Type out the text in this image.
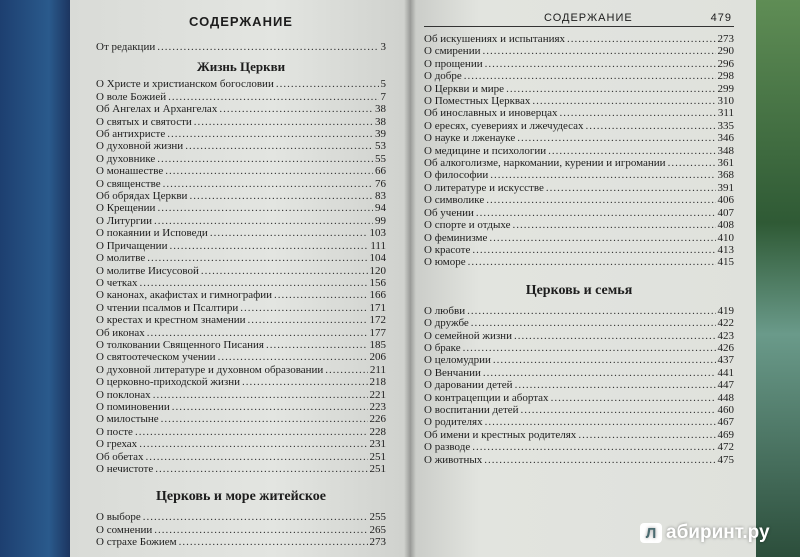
СОДЕРЖАНИЕ
От редакции .....	3
Жизнь Церкви
О Христе и христианском богословии .....	5
О воле Божией .....	7
Об Ангелах и Архангелах .....	38
О святых и святости .....	38
Об антихристе .....	39
О духовной жизни .....	53
О духовнике .....	55
О монашестве .....	66
О священстве .....	76
Об обрядах Церкви .....	83
О Крещении .....	94
О Литургии .....	99
О покаянии и Исповеди .....	103
О Причащении .....	111
О молитве .....	104
О молитве Иисусовой .....	120
О четках .....	156
О канонах, акафистах и гимнографии .....	166
О чтении псалмов и Псалтири .....	171
О крестах и крестном знамении .....	172
Об иконах .....	177
О толковании Священного Писания .....	185
О святоотеческом учении .....	206
О духовной литературе и духовном образовании .....	211
О церковно-приходской жизни .....	218
О поклонах .....	221
О поминовении .....	223
О милостыне .....	226
О посте .....	228
О грехах .....	231
Об обетах .....	251
О нечистоте .....	251
Церковь и море житейское
О выборе .....	255
О сомнении .....	265
О страхе Божием .....	273
СОДЕРЖАНИЕ	479
Об искушениях и испытаниях .....	273
О смирении .....	290
О прощении .....	296
О добре .....	298
О Церкви и мире .....	299
О Поместных Церквах .....	310
Об инославных и иноверцах .....	311
О ересях, суевериях и лжечудесах .....	335
О науке и лженауке .....	346
О медицине и психологии .....	348
Об алкоголизме, наркомании, курении и игромании .....	361
О философии .....	368
О литературе и искусстве .....	391
О символике .....	406
Об учении .....	407
О спорте и отдыхе .....	408
О феминизме .....	410
О красоте .....	413
О юморе .....	415
Церковь и семья
О любви .....	419
О дружбе .....	422
О семейной жизни .....	423
О браке .....	426
О целомудрии .....	437
О Венчании .....	441
О даровании детей .....	447
О контрацепции и абортах .....	448
О воспитании детей .....	460
О родителях .....	467
Об имени и крестных родителях .....	469
О разводе .....	472
О животных .....	475
Л абиринт.ру
